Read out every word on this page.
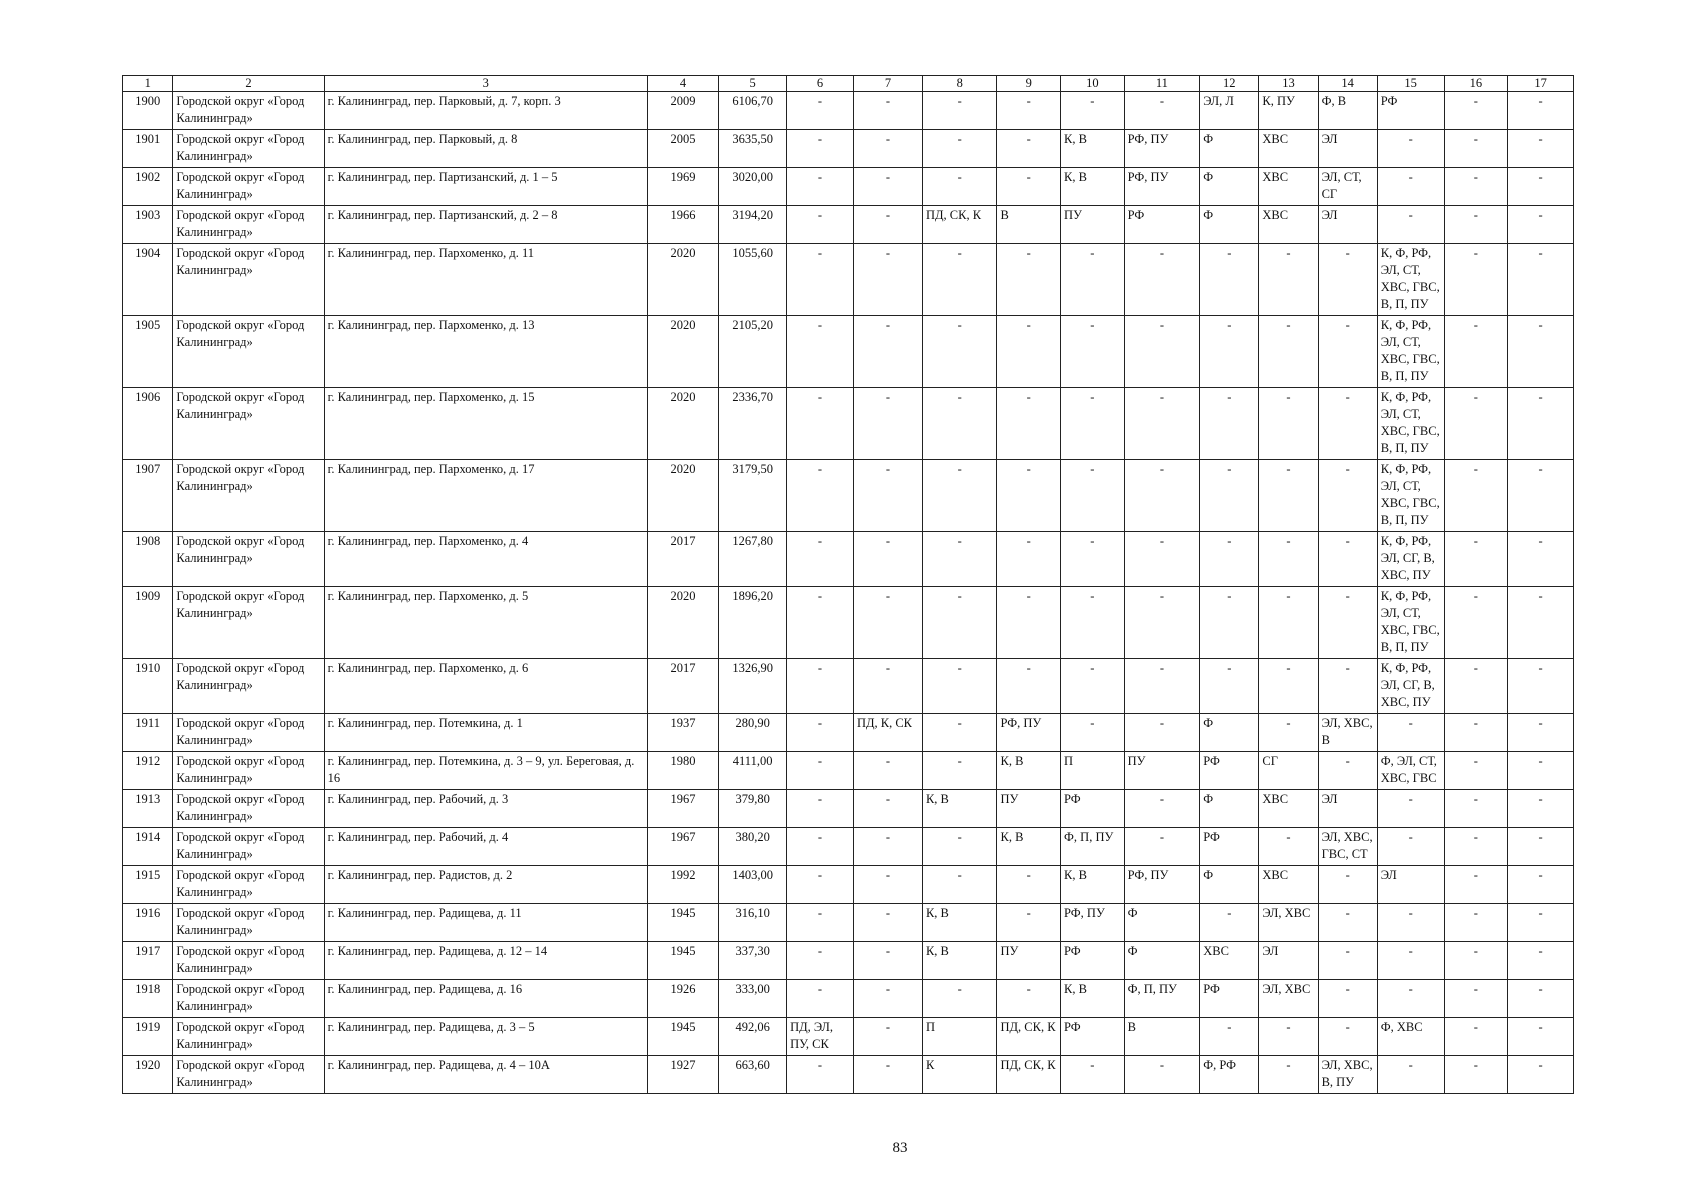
1	2	3	4	5	6	7	8	9	10	11	12	13	14	15	16	17
1900	Городской округ «Город Калининград»	г. Калининград, пер. Парковый, д. 7, корп. 3	2009	6106,70	-	-	-	-	-	-	ЭЛ, Л	К, ПУ	Ф, В	РФ	-	-
1901	Городской округ «Город Калининград»	г. Калининград, пер. Парковый, д. 8	2005	3635,50	-	-	-	-	К, В	РФ, ПУ	Ф	ХВС	ЭЛ	-	-	-
1902	Городской округ «Город Калининград»	г. Калининград, пер. Партизанский, д. 1 – 5	1969	3020,00	-	-	-	-	К, В	РФ, ПУ	Ф	ХВС	ЭЛ, СТ, СГ	-	-	-
1903	Городской округ «Город Калининград»	г. Калининград, пер. Партизанский, д. 2 – 8	1966	3194,20	-	-	ПД, СК, К	В	ПУ	РФ	Ф	ХВС	ЭЛ	-	-	-
1904	Городской округ «Город Калининград»	г. Калининград, пер. Пархоменко, д. 11	2020	1055,60	-	-	-	-	-	-	-	-	-	К, Ф, РФ, ЭЛ, СТ, ХВС, ГВС, В, П, ПУ	-	-
1905	Городской округ «Город Калининград»	г. Калининград, пер. Пархоменко, д. 13	2020	2105,20	-	-	-	-	-	-	-	-	-	К, Ф, РФ, ЭЛ, СТ, ХВС, ГВС, В, П, ПУ	-	-
1906	Городской округ «Город Калининград»	г. Калининград, пер. Пархоменко, д. 15	2020	2336,70	-	-	-	-	-	-	-	-	-	К, Ф, РФ, ЭЛ, СТ, ХВС, ГВС, В, П, ПУ	-	-
1907	Городской округ «Город Калининград»	г. Калининград, пер. Пархоменко, д. 17	2020	3179,50	-	-	-	-	-	-	-	-	-	К, Ф, РФ, ЭЛ, СТ, ХВС, ГВС, В, П, ПУ	-	-
1908	Городской округ «Город Калининград»	г. Калининград, пер. Пархоменко, д. 4	2017	1267,80	-	-	-	-	-	-	-	-	-	К, Ф, РФ, ЭЛ, СГ, В, ХВС, ПУ	-	-
1909	Городской округ «Город Калининград»	г. Калининград, пер. Пархоменко, д. 5	2020	1896,20	-	-	-	-	-	-	-	-	-	К, Ф, РФ, ЭЛ, СТ, ХВС, ГВС, В, П, ПУ	-	-
1910	Городской округ «Город Калининград»	г. Калининград, пер. Пархоменко, д. 6	2017	1326,90	-	-	-	-	-	-	-	-	-	К, Ф, РФ, ЭЛ, СГ, В, ХВС, ПУ	-	-
1911	Городской округ «Город Калининград»	г. Калининград, пер. Потемкина, д. 1	1937	280,90	-	ПД, К, СК	-	РФ, ПУ	-	-	Ф	-	ЭЛ, ХВС, В	-	-	-
1912	Городской округ «Город Калининград»	г. Калининград, пер. Потемкина, д. 3 – 9, ул. Береговая, д. 16	1980	4111,00	-	-	-	К, В	П	ПУ	РФ	СГ	-	Ф, ЭЛ, СТ, ХВС, ГВС	-	-
1913	Городской округ «Город Калининград»	г. Калининград, пер. Рабочий, д. 3	1967	379,80	-	-	К, В	ПУ	РФ	-	Ф	ХВС	ЭЛ	-	-	-
1914	Городской округ «Город Калининград»	г. Калининград, пер. Рабочий, д. 4	1967	380,20	-	-	-	К, В	Ф, П, ПУ	-	РФ	-	ЭЛ, ХВС, ГВС, СТ	-	-	-
1915	Городской округ «Город Калининград»	г. Калининград, пер. Радистов, д. 2	1992	1403,00	-	-	-	-	К, В	РФ, ПУ	Ф	ХВС	-	ЭЛ	-	-
1916	Городской округ «Город Калининград»	г. Калининград, пер. Радищева, д. 11	1945	316,10	-	-	К, В	-	РФ, ПУ	Ф	-	ЭЛ, ХВС	-	-	-	-
1917	Городской округ «Город Калининград»	г. Калининград, пер. Радищева, д. 12 – 14	1945	337,30	-	-	К, В	ПУ	РФ	Ф	ХВС	ЭЛ	-	-	-	-
1918	Городской округ «Город Калининград»	г. Калининград, пер. Радищева, д. 16	1926	333,00	-	-	-	-	К, В	Ф, П, ПУ	РФ	ЭЛ, ХВС	-	-	-	-
1919	Городской округ «Город Калининград»	г. Калининград, пер. Радищева, д. 3 – 5	1945	492,06	ПД, ЭЛ, ПУ, СК	-	П	ПД, СК, К	РФ	В	-	-	-	Ф, ХВС	-	-
1920	Городской округ «Город Калининград»	г. Калининград, пер. Радищева, д. 4 – 10А	1927	663,60	-	-	К	ПД, СК, К	-	-	Ф, РФ	-	ЭЛ, ХВС, В, ПУ	-	-	-
83
